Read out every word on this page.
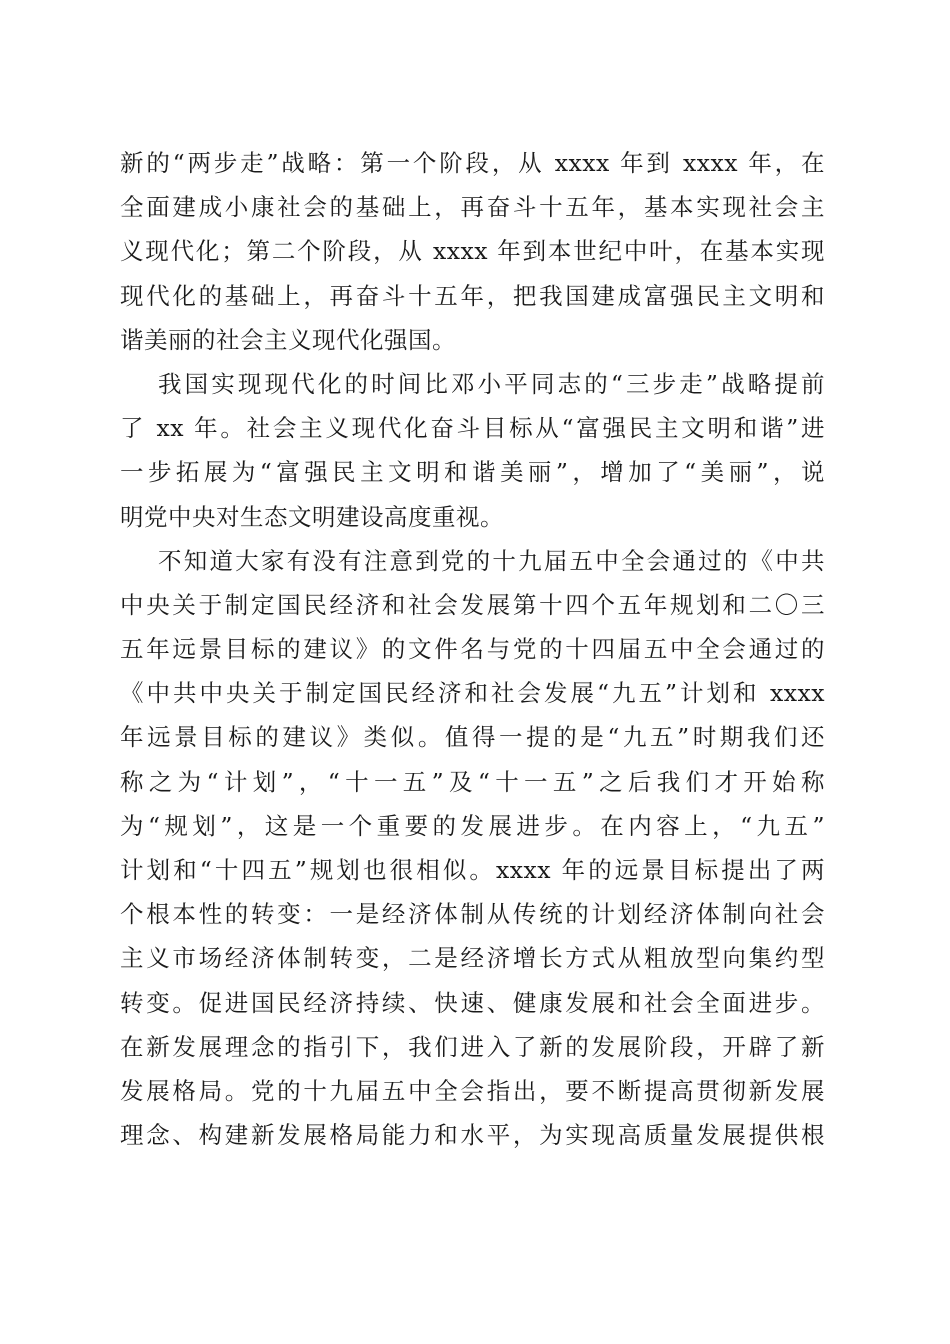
新的“两步走”战略：第一个阶段，从 xxxx 年到 xxxx 年，在
全面建成小康社会的基础上，再奋斗十五年，基本实现社会主
义现代化；第二个阶段，从 xxxx 年到本世纪中叶，在基本实现
现代化的基础上，再奋斗十五年，把我国建成富强民主文明和
谐美丽的社会主义现代化强国。
我国实现现代化的时间比邓小平同志的“三步走”战略提前
了 xx 年。社会主义现代化奋斗目标从“富强民主文明和谐”进
一步拓展为“富强民主文明和谐美丽”，增加了“美丽”，说
明党中央对生态文明建设高度重视。
不知道大家有没有注意到党的十九届五中全会通过的《中共
中央关于制定国民经济和社会发展第十四个五年规划和二〇三
五年远景目标的建议》的文件名与党的十四届五中全会通过的
《中共中央关于制定国民经济和社会发展“九五”计划和 xxxx
年远景目标的建议》类似。值得一提的是“九五”时期我们还
称之为“计划”，“十一五”及“十一五”之后我们才开始称
为“规划”，这是一个重要的发展进步。在内容上，“九五”
计划和“十四五”规划也很相似。xxxx 年的远景目标提出了两
个根本性的转变：一是经济体制从传统的计划经济体制向社会
主义市场经济体制转变，二是经济增长方式从粗放型向集约型
转变。促进国民经济持续、快速、健康发展和社会全面进步。
在新发展理念的指引下，我们进入了新的发展阶段，开辟了新
发展格局。党的十九届五中全会指出，要不断提高贯彻新发展
理念、构建新发展格局能力和水平，为实现高质量发展提供根
